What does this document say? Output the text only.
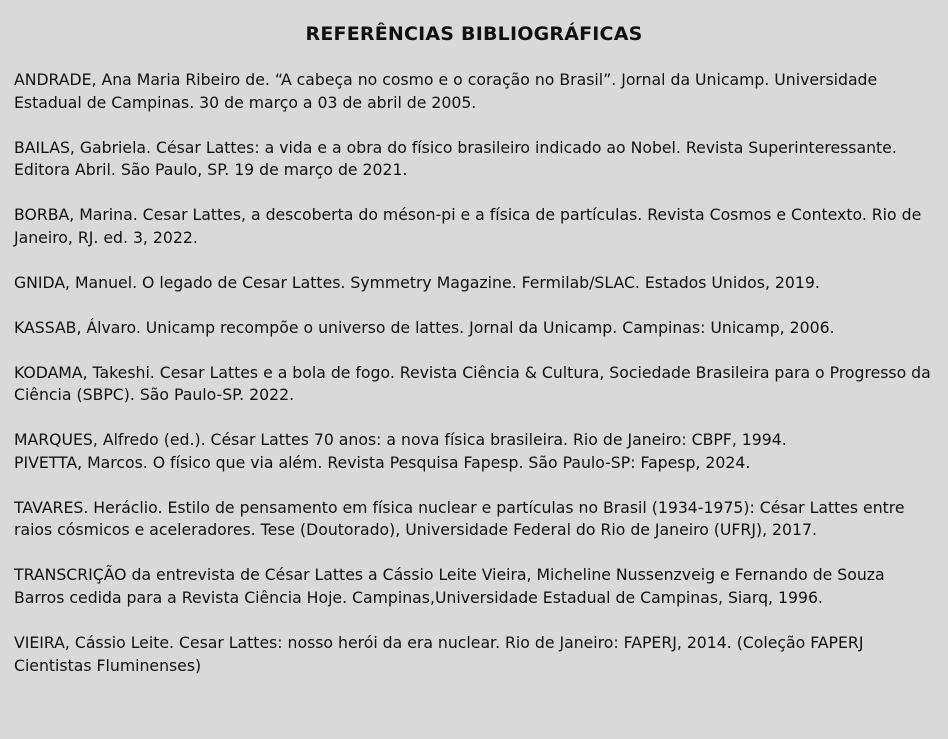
REFERÊNCIAS BIBLIOGRÁFICAS
ANDRADE, Ana Maria Ribeiro de. “A cabeça no cosmo e o coração no Brasil”. Jornal da Unicamp. Universidade Estadual de Campinas. 30 de março a 03 de abril de 2005.
BAILAS, Gabriela. César Lattes: a vida e a obra do físico brasileiro indicado ao Nobel. Revista Superinteressante. Editora Abril. São Paulo, SP. 19 de março de 2021.
BORBA, Marina. Cesar Lattes, a descoberta do méson-pi e a física de partículas. Revista Cosmos e Contexto. Rio de Janeiro, RJ. ed. 3, 2022.
GNIDA, Manuel. O legado de Cesar Lattes. Symmetry Magazine. Fermilab/SLAC. Estados Unidos, 2019.
KASSAB, Álvaro. Unicamp recompõe o universo de lattes. Jornal da Unicamp. Campinas: Unicamp, 2006.
KODAMA, Takeshi. Cesar Lattes e a bola de fogo. Revista Ciência & Cultura, Sociedade Brasileira para o Progresso da Ciência (SBPC). São Paulo-SP. 2022.
MARQUES, Alfredo (ed.). César Lattes 70 anos: a nova física brasileira. Rio de Janeiro: CBPF, 1994.
PIVETTA, Marcos. O físico que via além. Revista Pesquisa Fapesp. São Paulo-SP: Fapesp, 2024.
TAVARES. Heráclio. Estilo de pensamento em física nuclear e partículas no Brasil (1934-1975): César Lattes entre raios cósmicos e aceleradores. Tese (Doutorado), Universidade Federal do Rio de Janeiro (UFRJ), 2017.
TRANSCRIÇÃO da entrevista de César Lattes a Cássio Leite Vieira, Micheline Nussenzveig e Fernando de Souza Barros cedida para a Revista Ciência Hoje. Campinas,Universidade Estadual de Campinas, Siarq, 1996.
VIEIRA, Cássio Leite. Cesar Lattes: nosso herói da era nuclear. Rio de Janeiro: FAPERJ, 2014. (Coleção FAPERJ Cientistas Fluminenses)
